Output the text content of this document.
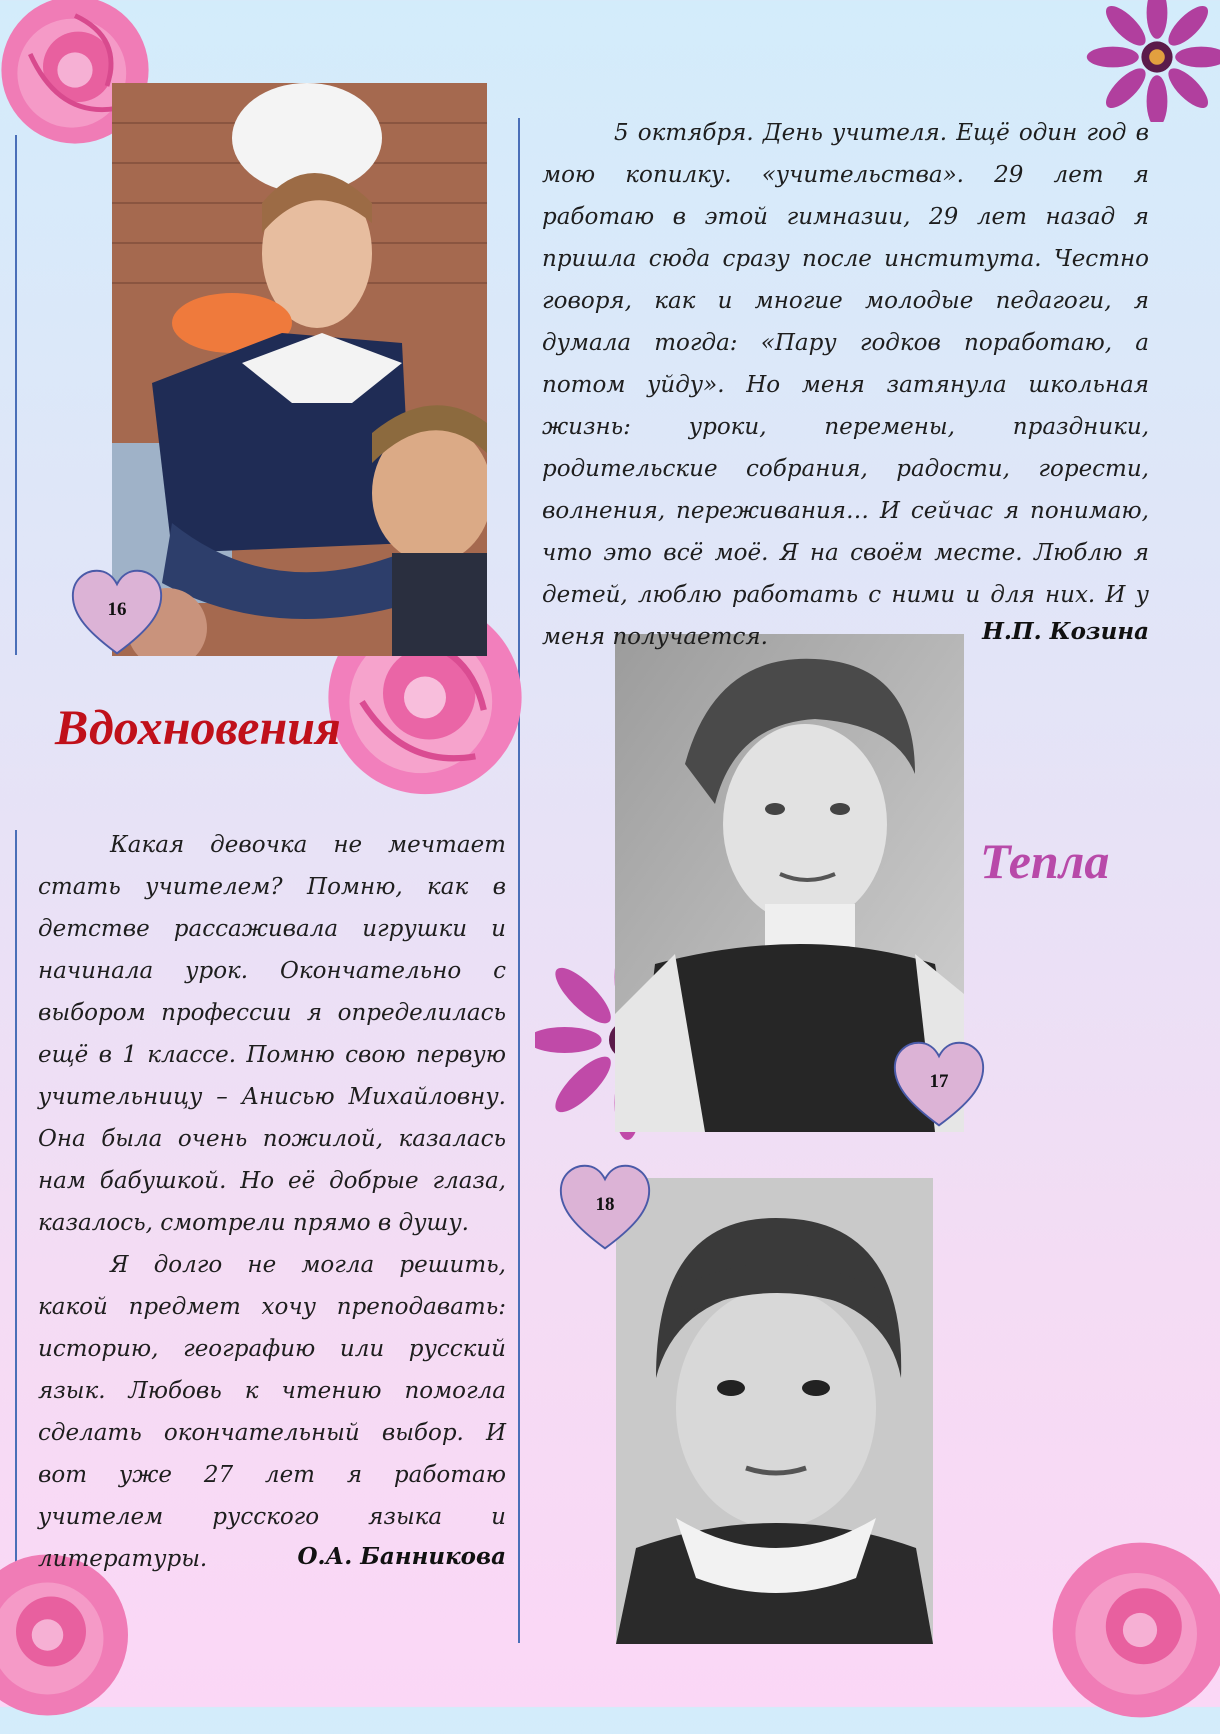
16
17
18
Вдохновения
Тепла

5 октября. День учителя. Ещё один год в мою копилку. «учительства». 29 лет я работаю в этой гимназии, 29 лет назад я пришла сюда сразу после института. Честно говоря, как и многие молодые педагоги, я думала тогда: «Пару годков поработаю, а потом уйду». Но меня затянула школьная жизнь: уроки, перемены, праздники, родительские собрания, радости, горести, волнения, переживания… И сейчас я понимаю, что это всё моё. Я на своём месте. Люблю я детей, люблю работать с ними и для них. И у меня получается.	Н.П. Козина

Какая девочка не мечтает стать учителем? Помню, как в детстве рассаживала игрушки и начинала урок. Окончательно с выбором профессии я определилась ещё в 1 классе. Помню свою первую учительницу – Анисью Михайловну. Она была очень пожилой, казалась нам бабушкой. Но её добрые глаза, казалось, смотрели прямо в душу.

Я долго не могла решить, какой предмет хочу преподавать: историю, географию или русский язык. Любовь к чтению помогла сделать окончательный выбор. И вот уже 27 лет я работаю учителем русского языка и литературы.	О.А. Банникова
